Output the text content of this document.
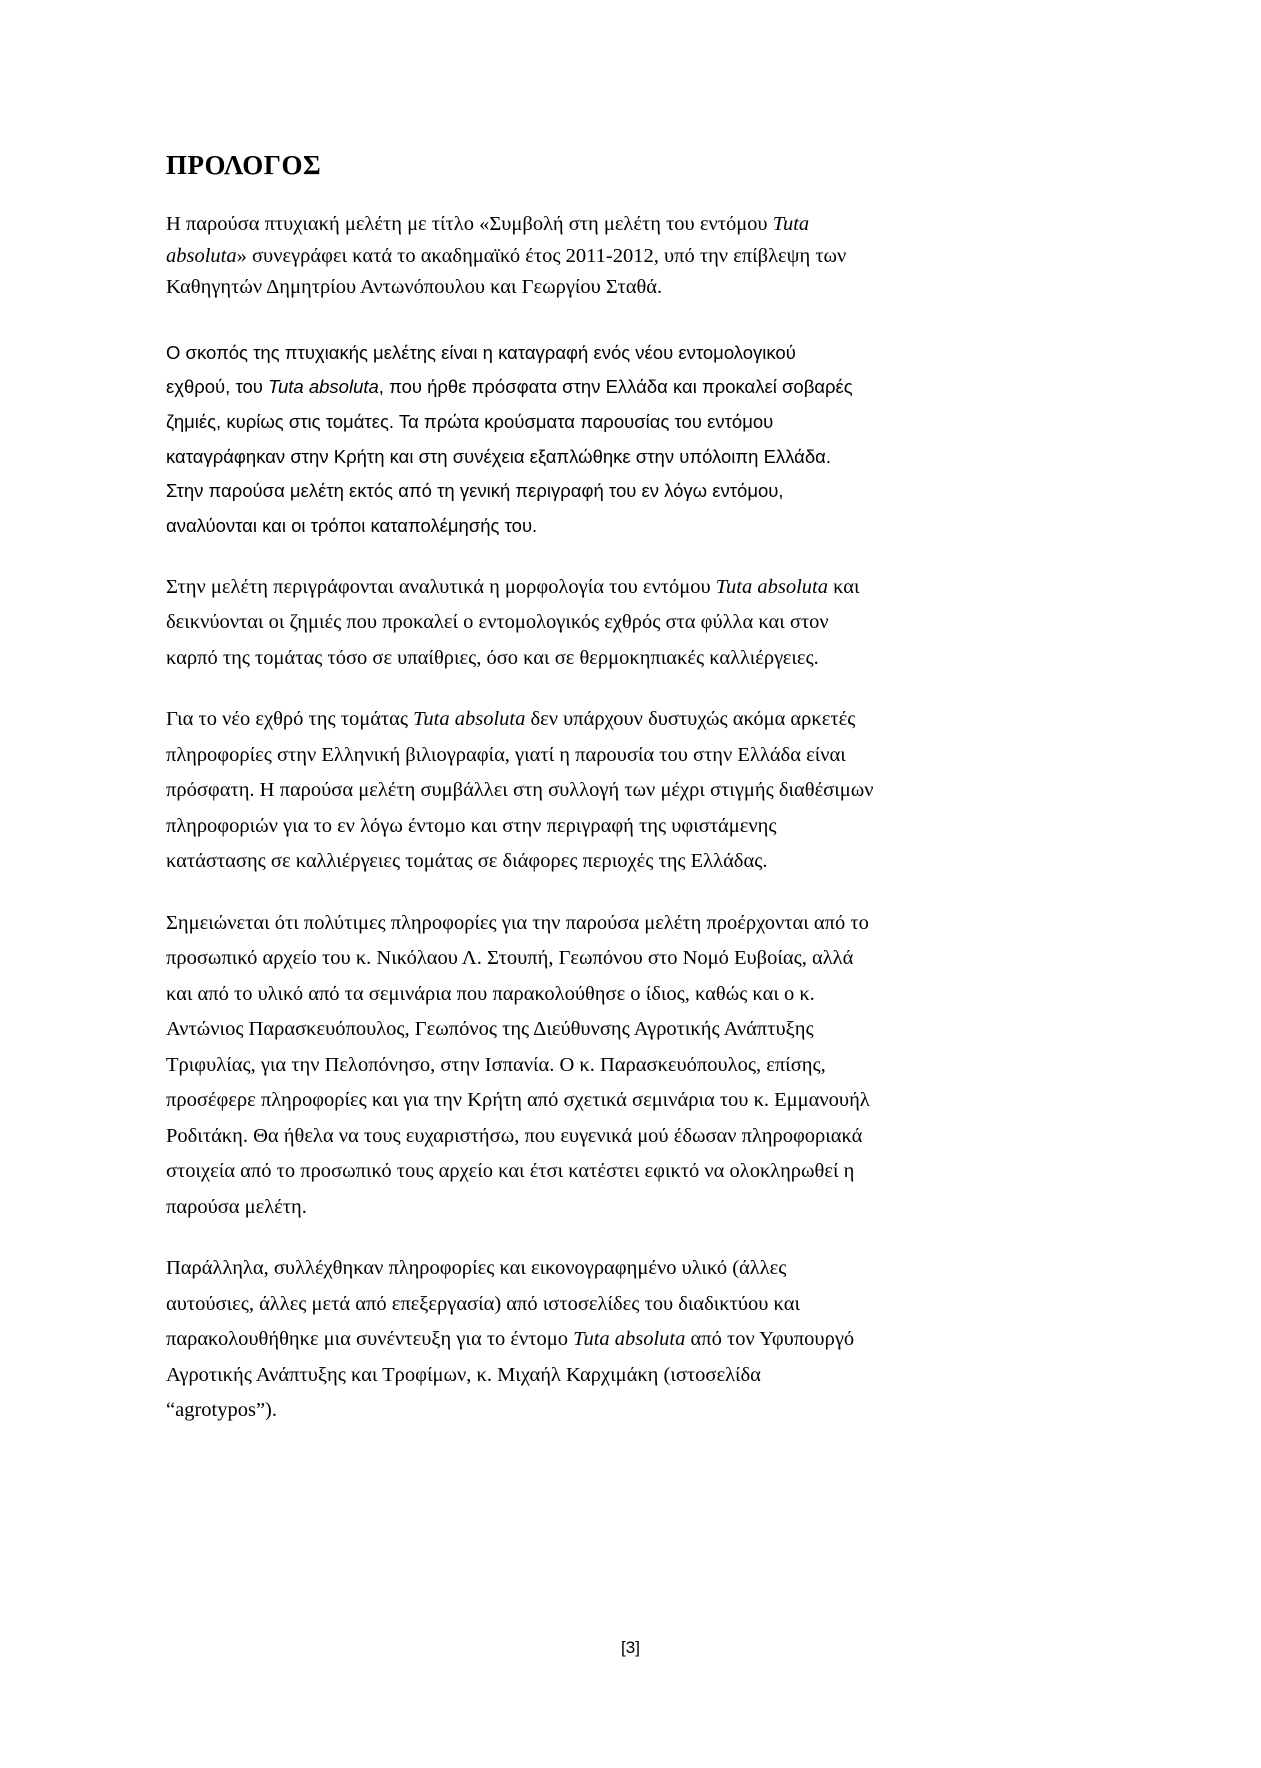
ΠΡΟΛΟΓΟΣ

Η παρούσα πτυχιακή μελέτη με τίτλο «Συμβολή στη μελέτη του εντόμου Tuta
absoluta» συνεγράφει κατά το ακαδημαϊκό έτος 2011-2012, υπό την επίβλεψη των
Καθηγητών Δημητρίου Αντωνόπουλου και Γεωργίου Σταθά.

Ο σκοπός της πτυχιακής μελέτης είναι η καταγραφή ενός νέου εντομολογικού
εχθρού, του Tuta absoluta, που ήρθε πρόσφατα στην Ελλάδα και προκαλεί σοβαρές
ζημιές, κυρίως στις τομάτες. Τα πρώτα κρούσματα παρουσίας του εντόμου
καταγράφηκαν στην Κρήτη και στη συνέχεια εξαπλώθηκε στην υπόλοιπη Ελλάδα.
Στην παρούσα μελέτη εκτός από τη γενική περιγραφή του εν λόγω εντόμου,
αναλύονται και οι τρόποι καταπολέμησής του.

Στην μελέτη περιγράφονται αναλυτικά η μορφολογία του εντόμου Tuta absoluta και
δεικνύονται οι ζημιές που προκαλεί ο εντομολογικός εχθρός στα φύλλα και στον
καρπό της τομάτας τόσο σε υπαίθριες, όσο και σε θερμοκηπιακές καλλιέργειες.

Για το νέο εχθρό της τομάτας Tuta absoluta δεν υπάρχουν δυστυχώς ακόμα αρκετές
πληροφορίες στην Ελληνική βιλιογραφία, γιατί η παρουσία του στην Ελλάδα είναι
πρόσφατη. Η παρούσα μελέτη συμβάλλει στη συλλογή των μέχρι στιγμής διαθέσιμων
πληροφοριών για το εν λόγω έντομο και στην περιγραφή της υφιστάμενης
κατάστασης σε καλλιέργειες τομάτας σε διάφορες περιοχές της Ελλάδας.

Σημειώνεται ότι πολύτιμες πληροφορίες για την παρούσα μελέτη προέρχονται από το
προσωπικό αρχείο του κ. Νικόλαου Λ. Στουπή, Γεωπόνου στο Νομό Ευβοίας, αλλά
και από το υλικό από τα σεμινάρια που παρακολούθησε ο ίδιος, καθώς και ο κ.
Αντώνιος Παρασκευόπουλος, Γεωπόνος της Διεύθυνσης Αγροτικής Ανάπτυξης
Τριφυλίας, για την Πελοπόνησο, στην Ισπανία. Ο κ. Παρασκευόπουλος, επίσης,
προσέφερε πληροφορίες και για την Κρήτη από σχετικά σεμινάρια του κ. Εμμανουήλ
Ροδιτάκη. Θα ήθελα να τους ευχαριστήσω, που ευγενικά μού έδωσαν πληροφοριακά
στοιχεία από το προσωπικό τους αρχείο και έτσι κατέστει εφικτό να ολοκληρωθεί η
παρούσα μελέτη.

Παράλληλα, συλλέχθηκαν πληροφορίες και εικονογραφημένο υλικό (άλλες
αυτούσιες, άλλες μετά από επεξεργασία) από ιστοσελίδες του διαδικτύου και
παρακολουθήθηκε μια συνέντευξη για το έντομο Tuta absoluta από τον Υφυπουργό
Αγροτικής Ανάπτυξης και Τροφίμων, κ. Μιχαήλ Καρχιμάκη (ιστοσελίδα
“agrotypos”).

[3]
